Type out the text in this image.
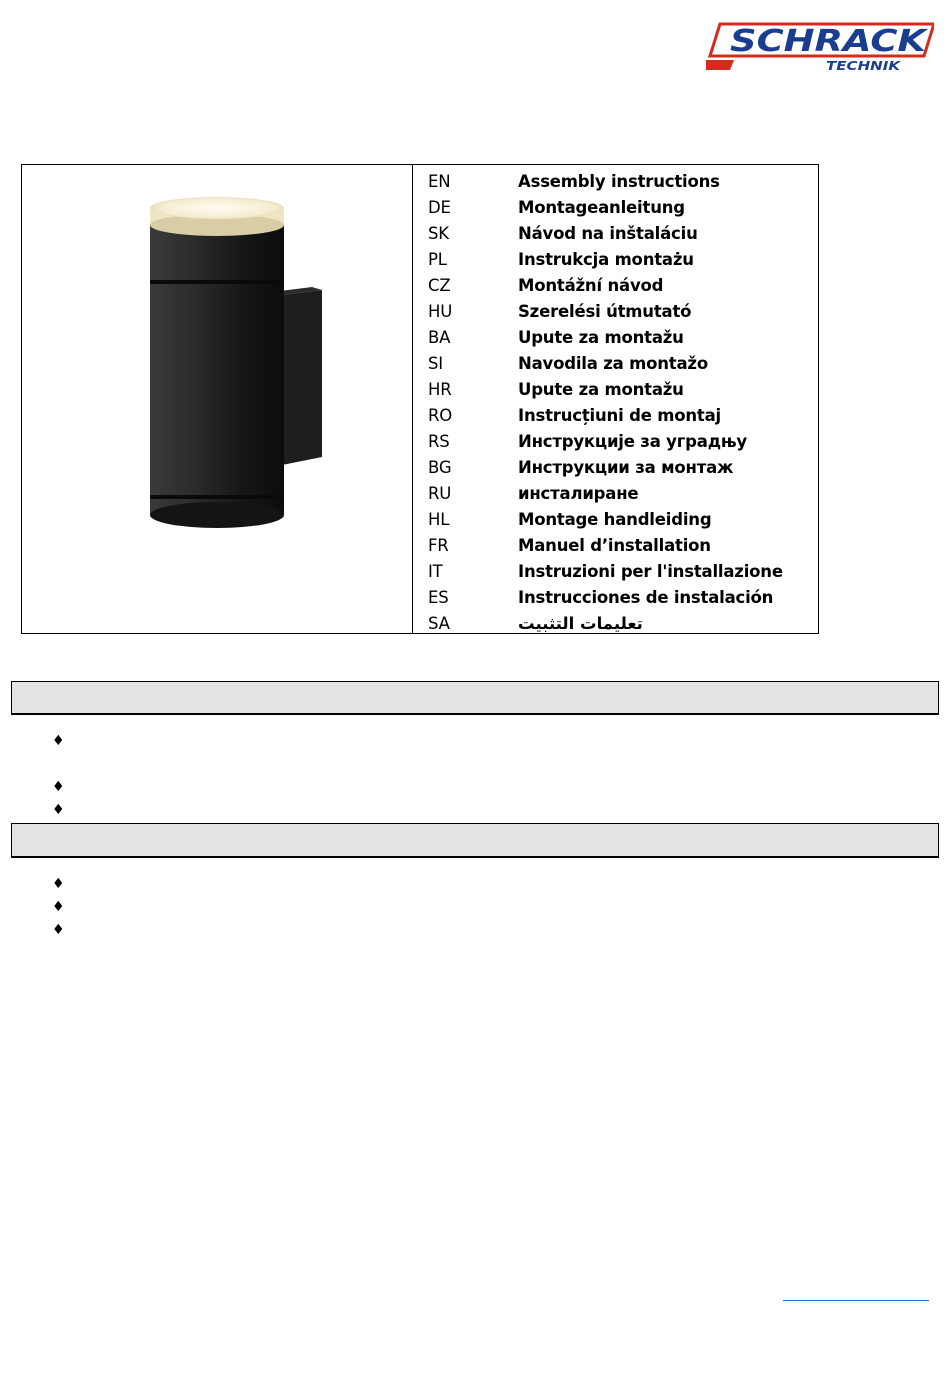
SCHRACK
TECHNIK
EN	Assembly instructions
DE	Montageanleitung
SK	Návod na inštaláciu
PL	Instrukcja montażu
CZ	Montážní návod
HU	Szerelési útmutató
BA	Upute za montažu
SI	Navodila za montažo
HR	Upute za montažu
RO	Instrucțiuni de montaj
RS	Инструкције за уградњу
BG	Инструкции за монтаж
RU	инсталиране
HL	Montage handleiding
FR	Manuel d’installation
IT	Instruzioni per l'installazione
ES	Instrucciones de instalación
SA	تعليمات التثبيت
♦
♦
♦
♦
♦
♦
